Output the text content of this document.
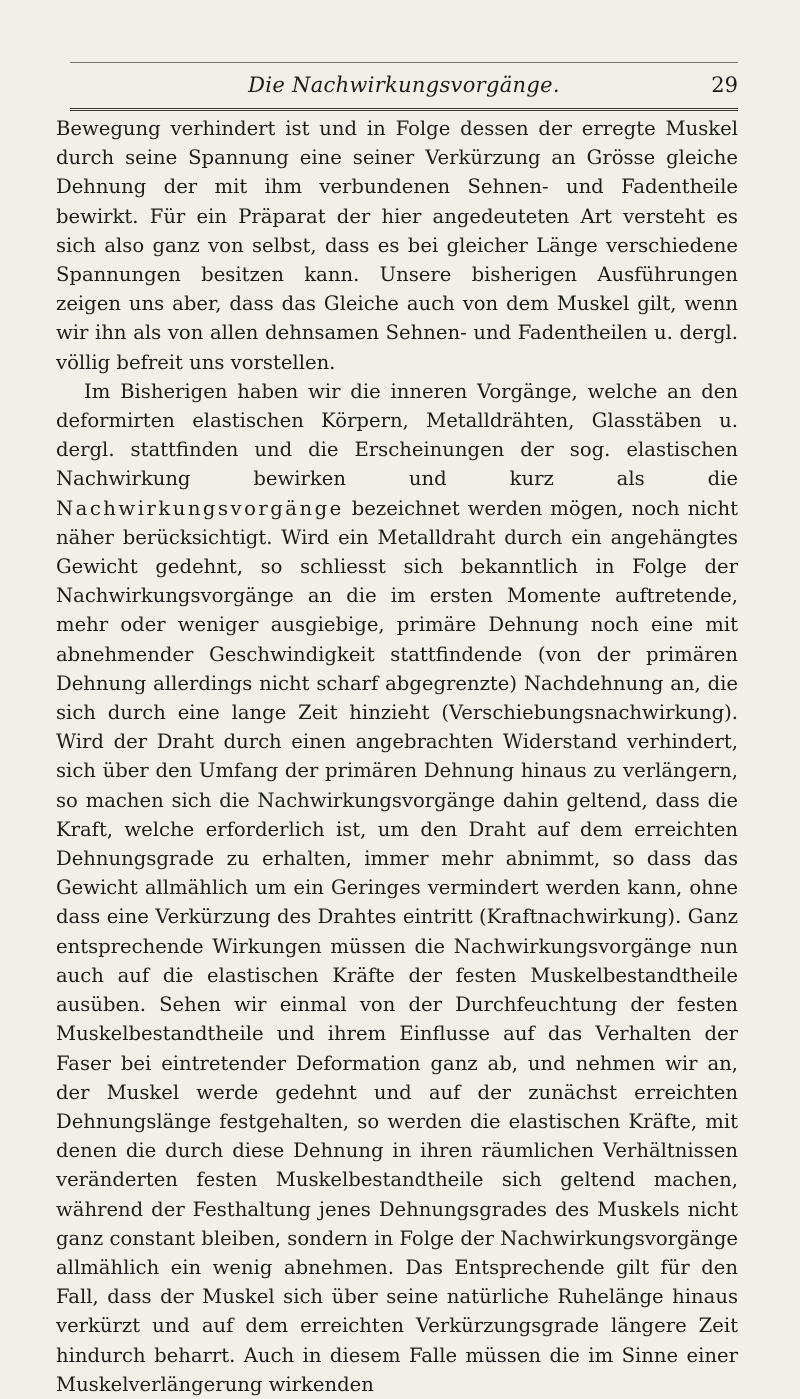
Die Nachwirkungsvorgänge.	29

Bewegung verhindert ist und in Folge dessen der erregte Muskel durch seine Spannung eine seiner Verkürzung an Grösse gleiche Dehnung der mit ihm verbundenen Sehnen- und Fadentheile bewirkt. Für ein Präparat der hier angedeuteten Art versteht es sich also ganz von selbst, dass es bei gleicher Länge verschiedene Spannungen besitzen kann. Unsere bisherigen Ausführungen zeigen uns aber, dass das Gleiche auch von dem Muskel gilt, wenn wir ihn als von allen dehnsamen Sehnen- und Fadentheilen u. dergl. völlig befreit uns vorstellen.

Im Bisherigen haben wir die inneren Vorgänge, welche an den deformirten elastischen Körpern, Metalldrähten, Glasstäben u. dergl. stattfinden und die Erscheinungen der sog. elastischen Nachwirkung bewirken und kurz als die Nachwirkungsvorgänge bezeichnet werden mögen, noch nicht näher berücksichtigt. Wird ein Metalldraht durch ein angehängtes Gewicht gedehnt, so schliesst sich bekanntlich in Folge der Nachwirkungsvorgänge an die im ersten Momente auftretende, mehr oder weniger ausgiebige, primäre Dehnung noch eine mit abnehmender Geschwindigkeit stattfindende (von der primären Dehnung allerdings nicht scharf abgegrenzte) Nachdehnung an, die sich durch eine lange Zeit hinzieht (Verschiebungsnachwirkung). Wird der Draht durch einen angebrachten Widerstand verhindert, sich über den Umfang der primären Dehnung hinaus zu verlängern, so machen sich die Nachwirkungsvorgänge dahin geltend, dass die Kraft, welche erforderlich ist, um den Draht auf dem erreichten Dehnungsgrade zu erhalten, immer mehr abnimmt, so dass das Gewicht allmählich um ein Geringes vermindert werden kann, ohne dass eine Verkürzung des Drahtes eintritt (Kraftnachwirkung). Ganz entsprechende Wirkungen müssen die Nachwirkungsvorgänge nun auch auf die elastischen Kräfte der festen Muskelbestandtheile ausüben. Sehen wir einmal von der Durchfeuchtung der festen Muskelbestandtheile und ihrem Einflusse auf das Verhalten der Faser bei eintretender Deformation ganz ab, und nehmen wir an, der Muskel werde gedehnt und auf der zunächst erreichten Dehnungslänge festgehalten, so werden die elastischen Kräfte, mit denen die durch diese Dehnung in ihren räumlichen Verhältnissen veränderten festen Muskelbestandtheile sich geltend machen, während der Festhaltung jenes Dehnungsgrades des Muskels nicht ganz constant bleiben, sondern in Folge der Nachwirkungsvorgänge allmählich ein wenig abnehmen. Das Entsprechende gilt für den Fall, dass der Muskel sich über seine natürliche Ruhelänge hinaus verkürzt und auf dem erreichten Verkürzungsgrade längere Zeit hindurch beharrt. Auch in diesem Falle müssen die im Sinne einer Muskelverlängerung wirkenden
